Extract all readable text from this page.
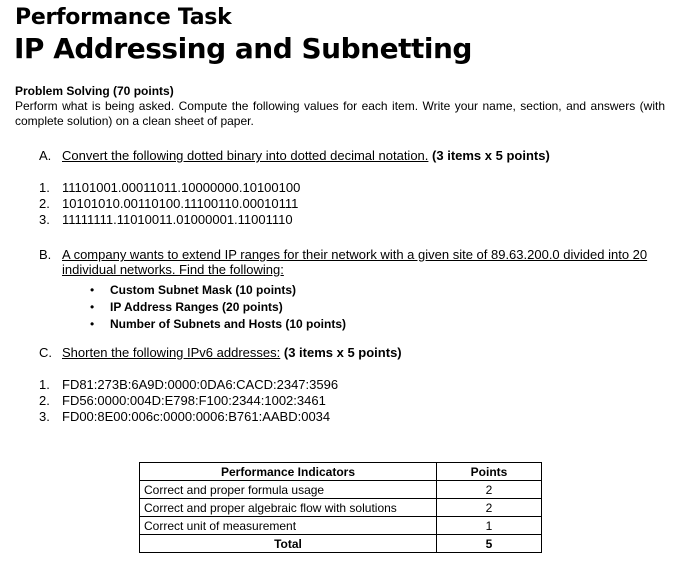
Performance Task
IP Addressing and Subnetting
Problem Solving (70 points)
Perform what is being asked. Compute the following values for each item. Write your name, section, and answers (with complete solution) on a clean sheet of paper.
A. Convert the following dotted binary into dotted decimal notation. (3 items x 5 points)
1. 11101001.00011011.10000000.10100100
2. 10101010.00110100.11100110.00010111
3. 11111111.11010011.01000001.11001110
B. A company wants to extend IP ranges for their network with a given site of 89.63.200.0 divided into 20 individual networks. Find the following:
• Custom Subnet Mask (10 points)
• IP Address Ranges (20 points)
• Number of Subnets and Hosts (10 points)
C. Shorten the following IPv6 addresses: (3 items x 5 points)
1. FD81:273B:6A9D:0000:0DA6:CACD:2347:3596
2. FD56:0000:004D:E798:F100:2344:1002:3461
3. FD00:8E00:006c:0000:0006:B761:AABD:0034
Performance Indicators	Points
Correct and proper formula usage	2
Correct and proper algebraic flow with solutions	2
Correct unit of measurement	1
Total	5
